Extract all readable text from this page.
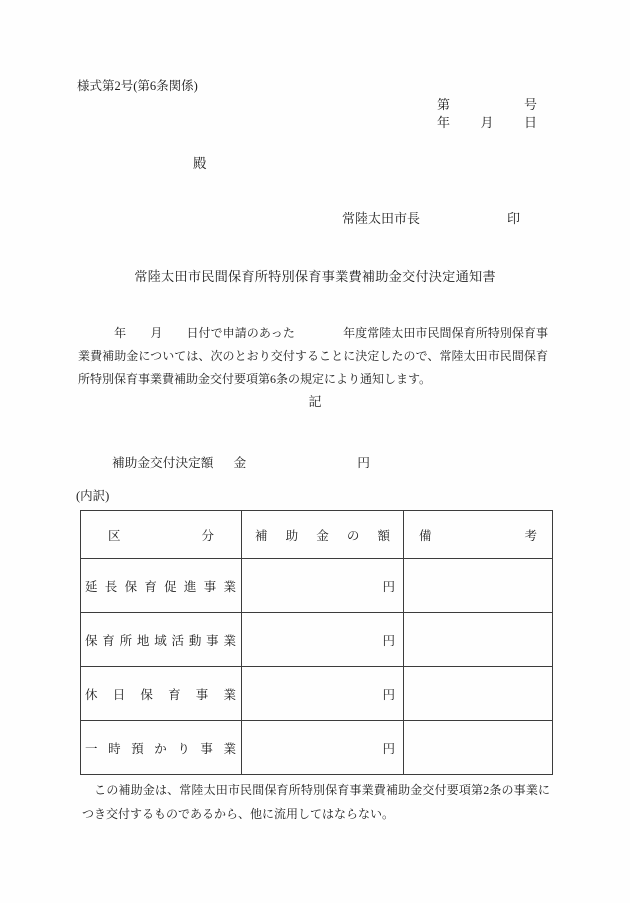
様式第2号(第6条関係)
第	号
年 月 日
殿
常陸太田市長	印
常陸太田市民間保育所特別保育事業費補助金交付決定通知書
　　　年　　月　　日付で申請のあった　　　　年度常陸太田市民間保育所特別保育事業費補助金については、次のとおり交付することに決定したので、常陸太田市民間保育所特別保育事業費補助金交付要項第6条の規定により通知します。
記
補助金交付決定額 金	円
(内訳)
区分	補助金の額	備考

延長保育促進事業	円	

保育所地域活動事業	円	

休日保育事業	円	

一時預かり事業	円	
　この補助金は、常陸太田市民間保育所特別保育事業費補助金交付要項第2条の事業につき交付するものであるから、他に流用してはならない。
